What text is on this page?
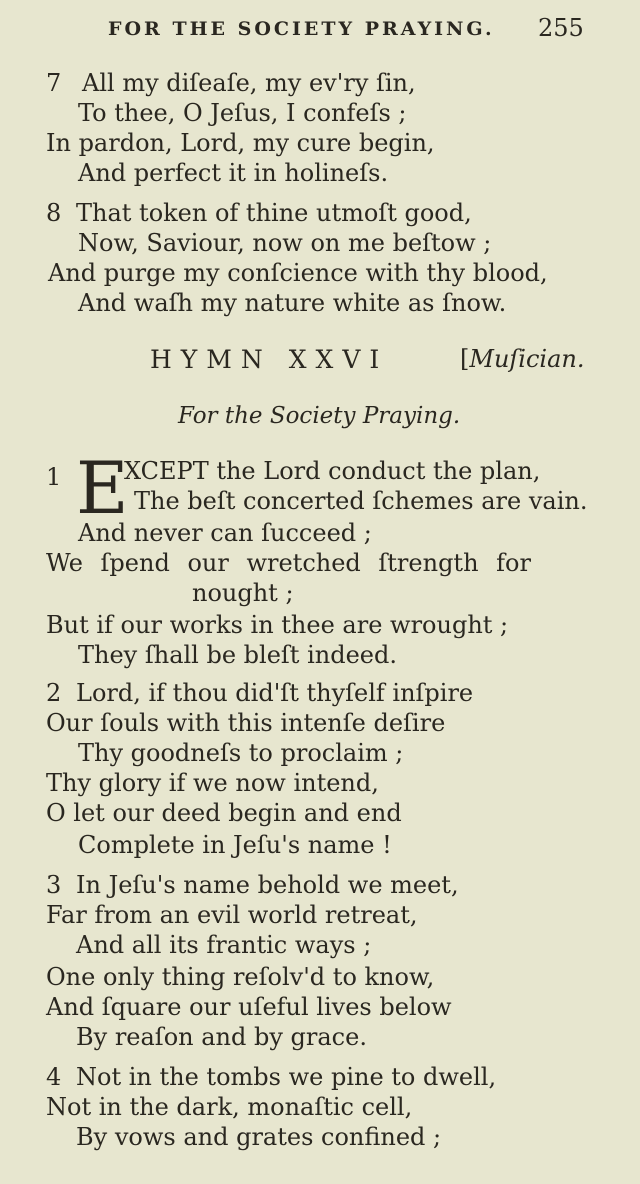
FOR THE SOCIETY PRAYING. 255
7 All my diſeaſe, my ev'ry ſin,
To thee, O Jeſus, I confeſs ;
In pardon, Lord, my cure begin,
And perfect it in holineſs.
8 That token of thine utmoſt good,
Now, Saviour, now on me beſtow ;
And purge my conſcience with thy blood,
And waſh my nature white as ſnow.
HYMN XXVI	[Muſician.
For the Society Praying.
1 E
XCEPT the Lord conduct the plan,
The beſt concerted ſchemes are vain.
And never can ſucceed ;
We ſpend our wretched ſtrength for
nought ;
But if our works in thee are wrought ;
They ſhall be bleſt indeed.
2 Lord, if thou did'ſt thyſelf inſpire
Our ſouls with this intenſe deſire
Thy goodneſs to proclaim ;
Thy glory if we now intend,
O let our deed begin and end
Complete in Jeſu's name !
3 In Jeſu's name behold we meet,
Far from an evil world retreat,
And all its frantic ways ;
One only thing reſolv'd to know,
And ſquare our uſeful lives below
By reaſon and by grace.
4 Not in the tombs we pine to dwell,
Not in the dark, monaſtic cell,
By vows and grates confined ;
